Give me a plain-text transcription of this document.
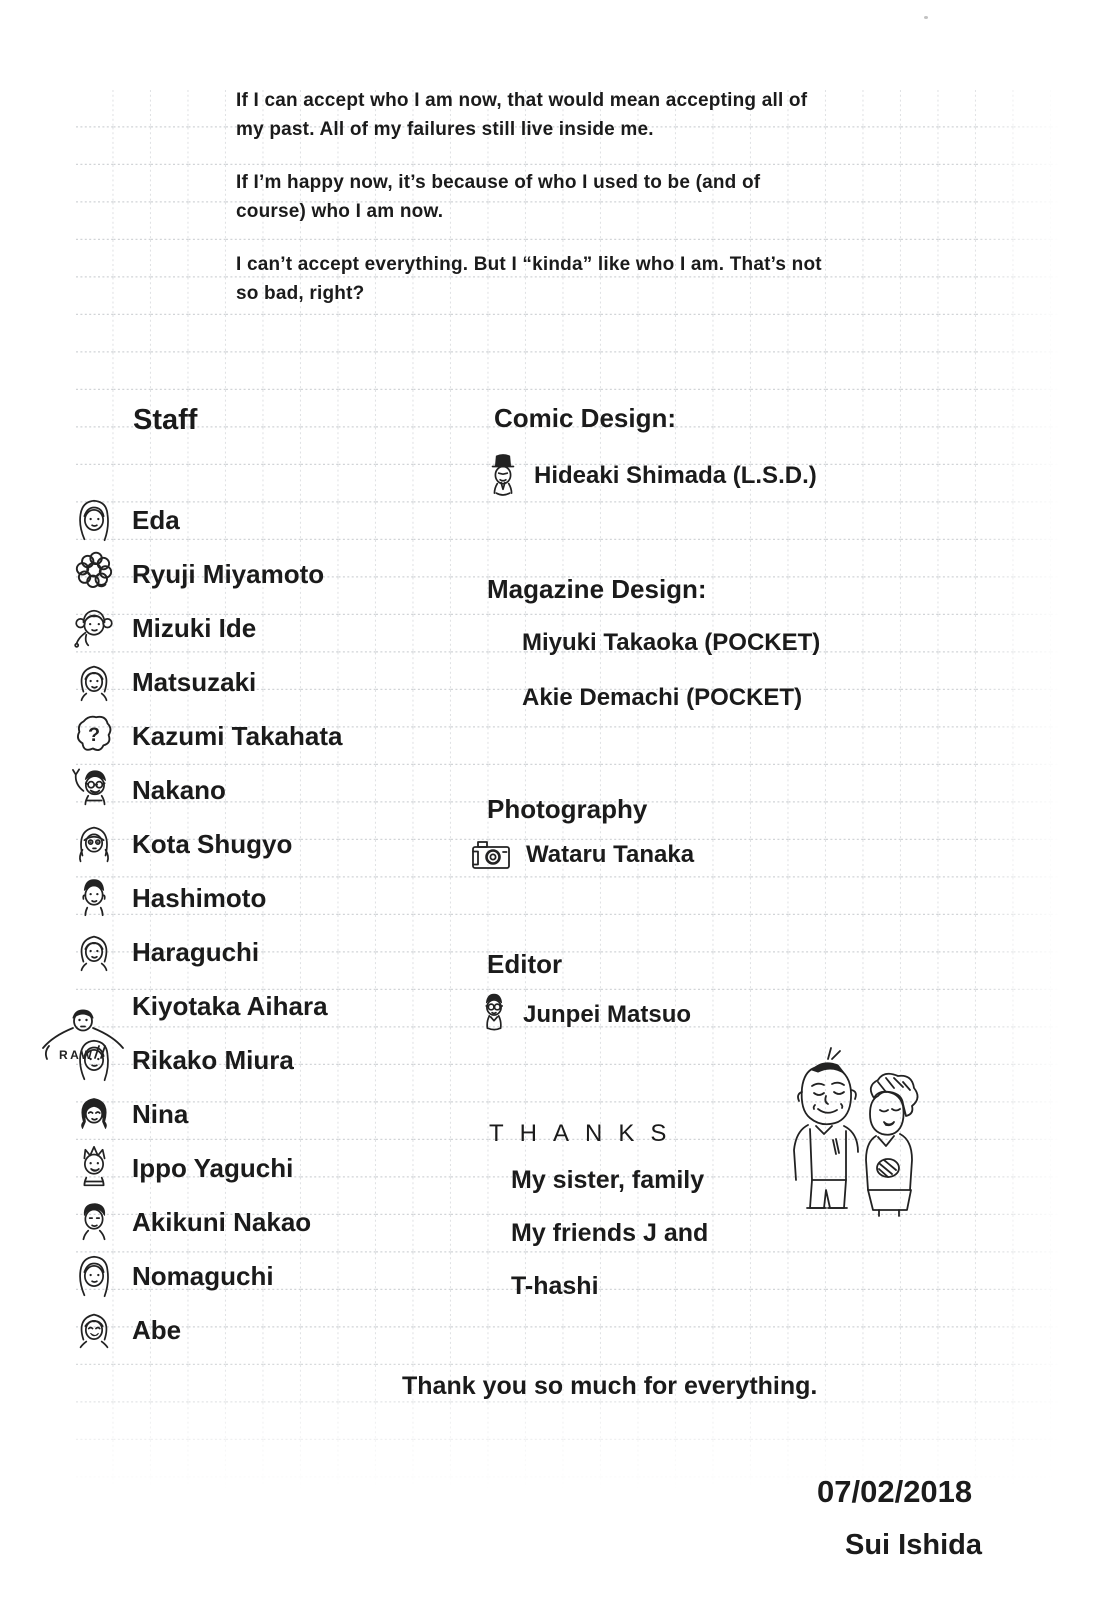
If I can accept who I am now, that would mean accepting all of
my past. All of my failures still live inside me.

If I’m happy now, it’s because of who I used to be (and of
course) who I am now.

I can’t accept everything. But I “kinda” like who I am. That’s not
so bad, right?

Staff
Eda
Ryuji Miyamoto
Mizuki Ide
Matsuzaki
Kazumi Takahata
Nakano
Kota Shugyo
Hashimoto
Haraguchi
Kiyotaka Aihara
Rikako Miura
Nina
Ippo Yaguchi
Akikuni Nakao
Nomaguchi
Abe
Comic Design:
Hideaki Shimada (L.S.D.)
Magazine Design:
Miyuki Takaoka (POCKET)
Akie Demachi (POCKET)
Photography
Wataru Tanaka
Editor
Junpei Matsuo
THANKS
My sister, family
My friends J and
T-hashi
Thank you so much for everything.
07/02/2018
Sui Ishida
